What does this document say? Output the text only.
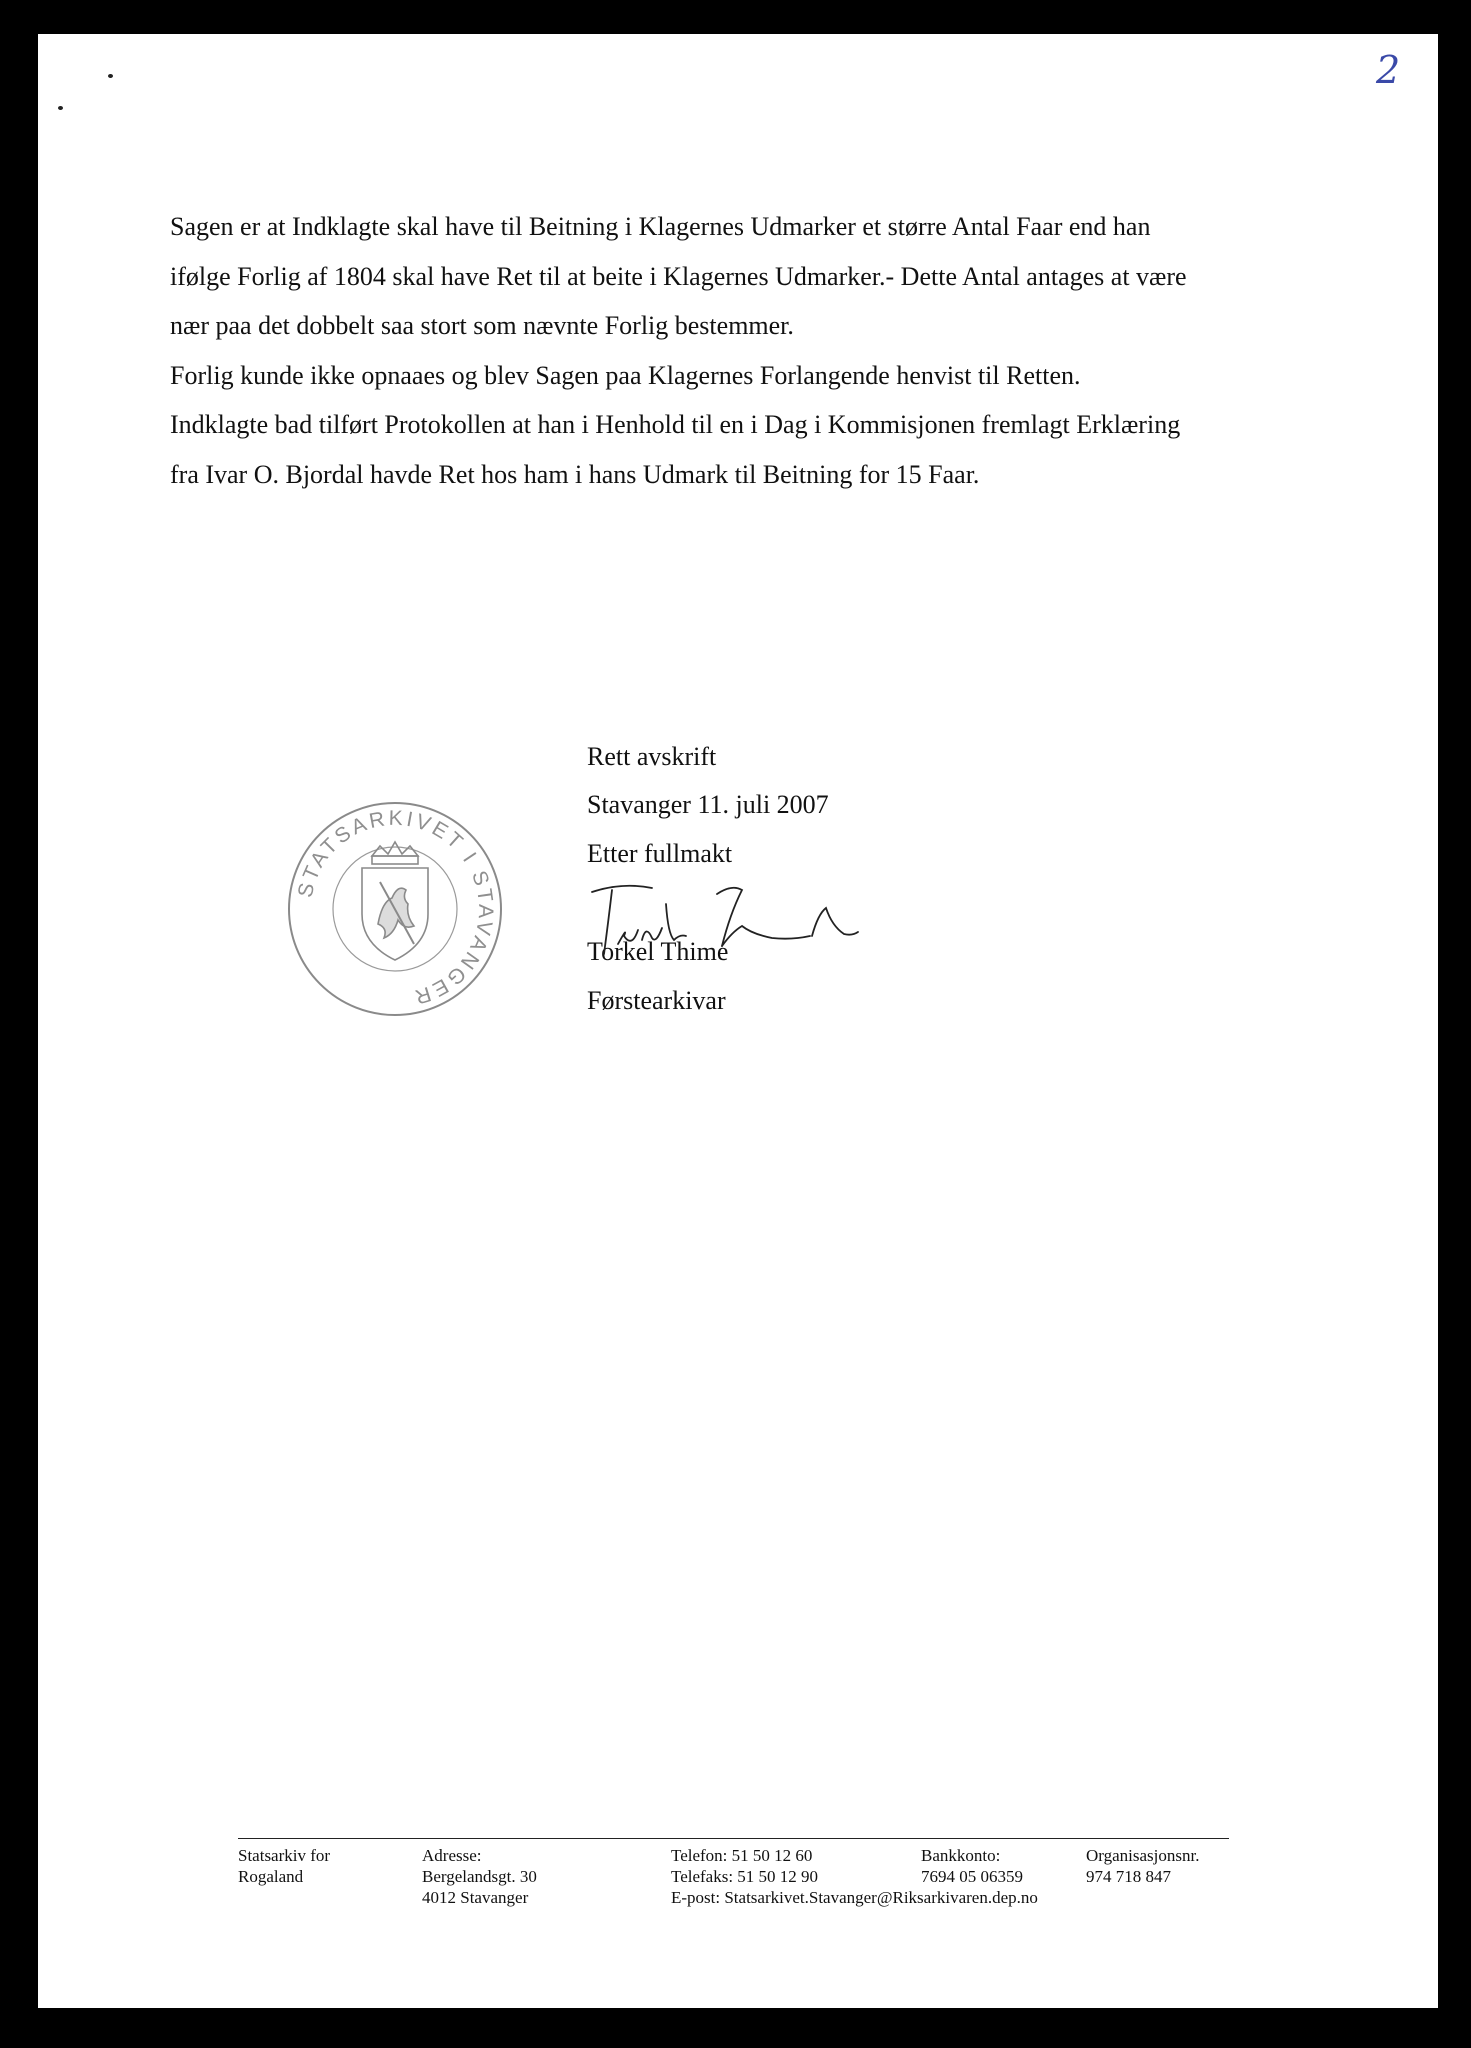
2

Sagen er at Indklagte skal have til Beitning i Klagernes Udmarker et større Antal Faar end han

ifølge Forlig af 1804 skal have Ret til at beite i Klagernes Udmarker.- Dette Antal antages at være

nær paa det dobbelt saa stort som nævnte Forlig bestemmer.

Forlig kunde ikke opnaaes og blev Sagen paa Klagernes Forlangende henvist til Retten.

Indklagte bad tilført Protokollen at han i Henhold til en i Dag i Kommisjonen fremlagt Erklæring

fra Ivar O. Bjordal havde Ret hos ham i hans Udmark til Beitning for 15 Faar.

STATSARKIVET I STAVANGER
Rett avskrift
Stavanger 11. juli 2007
Etter fullmakt
Torkel Thime
Førstearkivar
Statsarkiv for
Rogaland
Adresse:
Bergelandsgt. 30
4012 Stavanger
Telefon: 51 50 12 60
Telefaks: 51 50 12 90
E-post: Statsarkivet.Stavanger@Riksarkivaren.dep.no
Bankkonto:
7694 05 06359
Organisasjonsnr.
974 718 847
